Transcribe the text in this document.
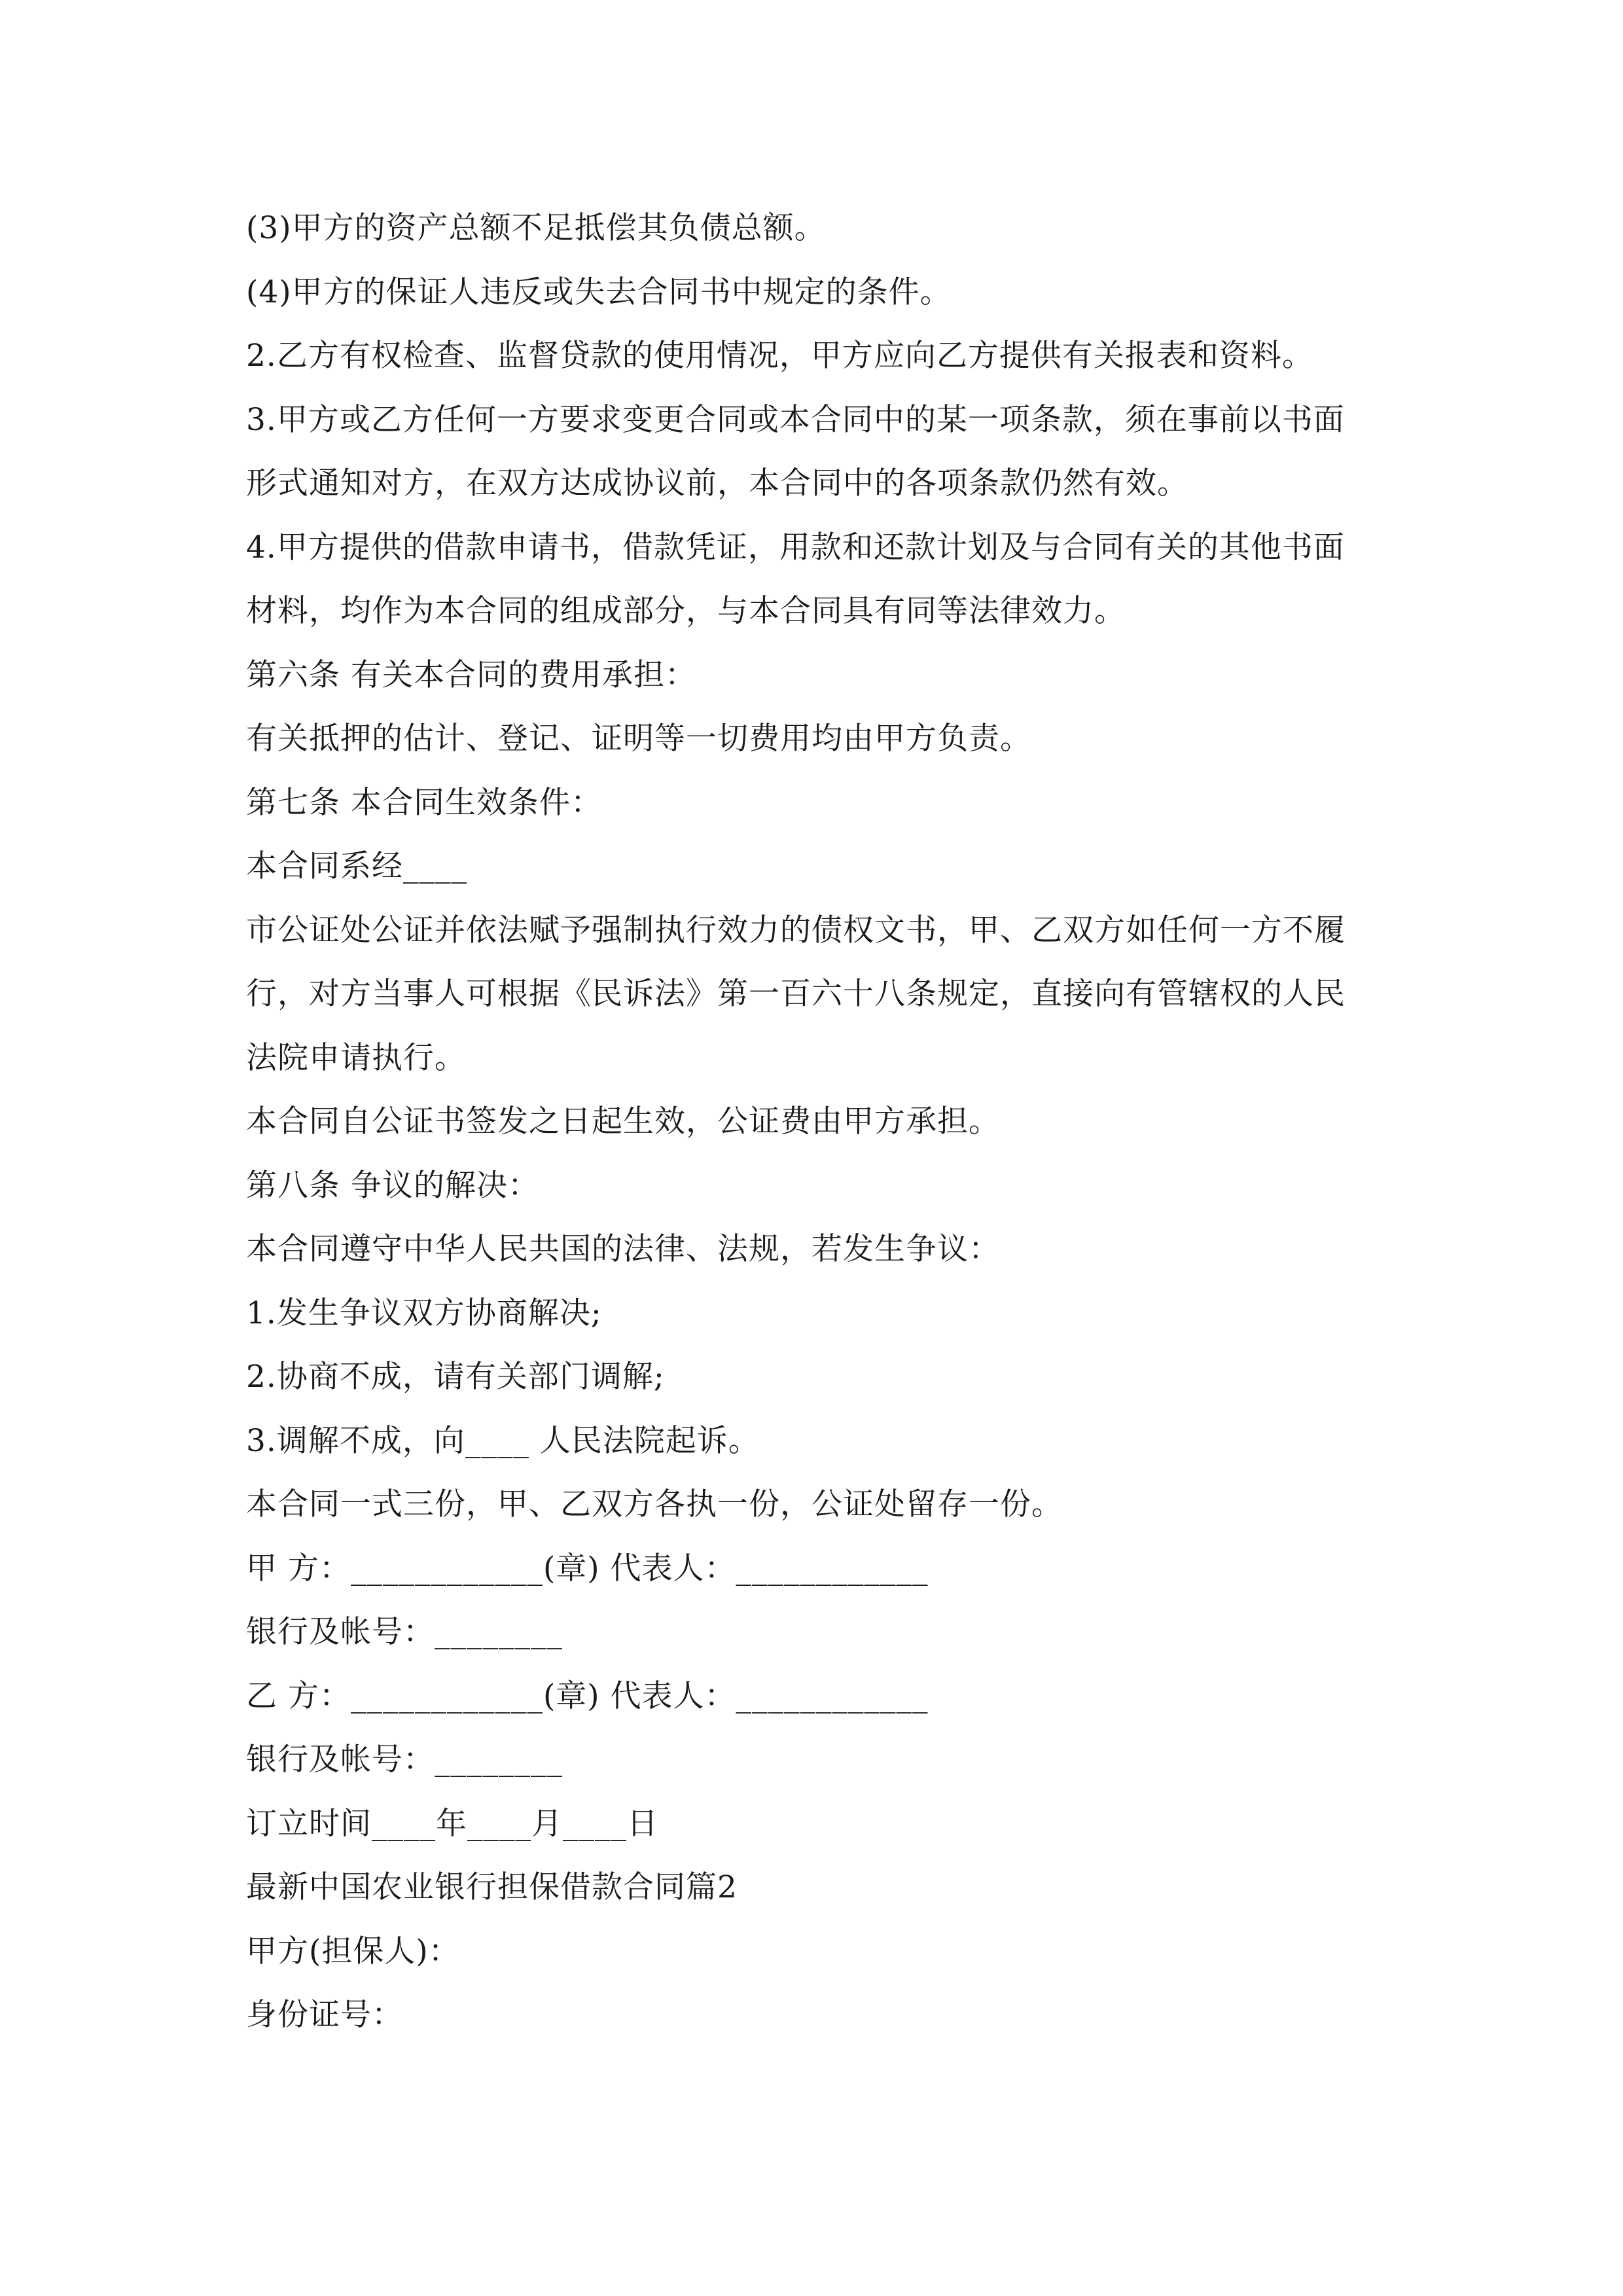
(3)甲方的资产总额不足抵偿其负债总额。
(4)甲方的保证人违反或失去合同书中规定的条件。
2.乙方有权检查、监督贷款的使用情况，甲方应向乙方提供有关报表和资料。
3.甲方或乙方任何一方要求变更合同或本合同中的某一项条款，须在事前以书面
形式通知对方，在双方达成协议前，本合同中的各项条款仍然有效。
4.甲方提供的借款申请书，借款凭证，用款和还款计划及与合同有关的其他书面
材料，均作为本合同的组成部分，与本合同具有同等法律效力。
第六条 有关本合同的费用承担：
有关抵押的估计、登记、证明等一切费用均由甲方负责。
第七条 本合同生效条件：
本合同系经____
市公证处公证并依法赋予强制执行效力的债权文书，甲、乙双方如任何一方不履
行，对方当事人可根据《民诉法》第一百六十八条规定，直接向有管辖权的人民
法院申请执行。
本合同自公证书签发之日起生效，公证费由甲方承担。
第八条 争议的解决：
本合同遵守中华人民共国的法律、法规，若发生争议：
1.发生争议双方协商解决;
2.协商不成，请有关部门调解;
3.调解不成，向____ 人民法院起诉。
本合同一式三份，甲、乙双方各执一份，公证处留存一份。
甲 方：____________(章) 代表人：____________
银行及帐号：________
乙 方：____________(章) 代表人：____________
银行及帐号：________
订立时间____年____月____日
最新中国农业银行担保借款合同篇2
甲方(担保人)：
身份证号：
